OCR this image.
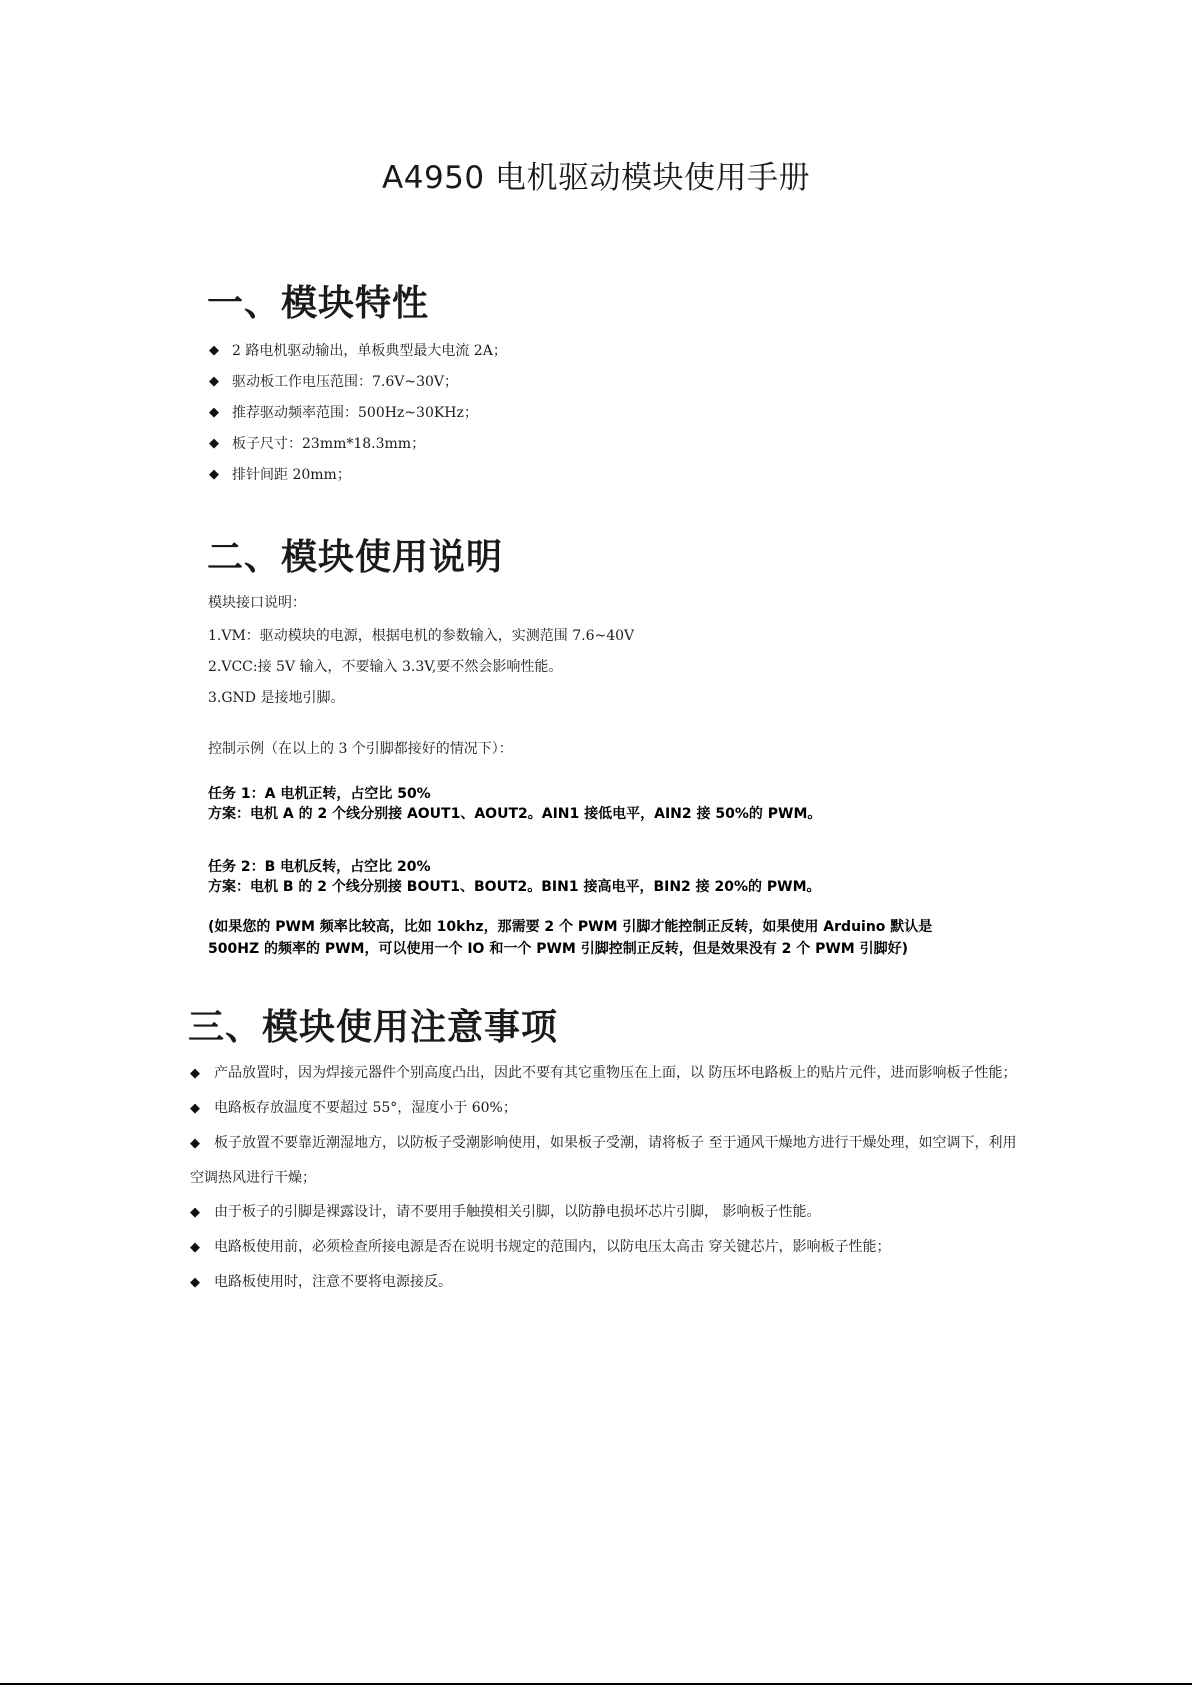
A4950 电机驱动模块使用手册
一、模块特性
◆ 2 路电机驱动输出，单板典型最大电流 2A；
◆ 驱动板工作电压范围：7.6V~30V；
◆ 推荐驱动频率范围：500Hz~30KHz；
◆ 板子尺寸：23mm*18.3mm；
◆ 排针间距 20mm；
二、模块使用说明

模块接口说明：

1.VM：驱动模块的电源，根据电机的参数输入，实测范围 7.6~40V

2.VCC:接 5V 输入，不要输入 3.3V,要不然会影响性能。

3.GND 是接地引脚。

控制示例（在以上的 3 个引脚都接好的情况下）：

任务 1：A 电机正转，占空比 50%

方案：电机 A 的 2 个线分别接 AOUT1、AOUT2。AIN1 接低电平，AIN2 接 50%的 PWM。

任务 2：B 电机反转，占空比 20%

方案：电机 B 的 2 个线分别接 BOUT1、BOUT2。BIN1 接高电平，BIN2 接 20%的 PWM。

(如果您的 PWM 频率比较高，比如 10khz，那需要 2 个 PWM 引脚才能控制正反转，如果使用 Arduino 默认是

500HZ 的频率的 PWM，可以使用一个 IO 和一个 PWM 引脚控制正反转，但是效果没有 2 个 PWM 引脚好)

三、模块使用注意事项
◆ 产品放置时，因为焊接元器件个别高度凸出，因此不要有其它重物压在上面，以 防压坏电路板上的贴片元件，进而影响板子性能；
◆ 电路板存放温度不要超过 55°，湿度小于 60%；
◆ 板子放置不要靠近潮湿地方，以防板子受潮影响使用，如果板子受潮，请将板子 至于通风干燥地方进行干燥处理，如空调下，利用空调热风进行干燥；
◆ 由于板子的引脚是裸露设计，请不要用手触摸相关引脚，以防静电损坏芯片引脚， 影响板子性能。
◆ 电路板使用前，必须检查所接电源是否在说明书规定的范围内，以防电压太高击 穿关键芯片，影响板子性能；
◆ 电路板使用时，注意不要将电源接反。
